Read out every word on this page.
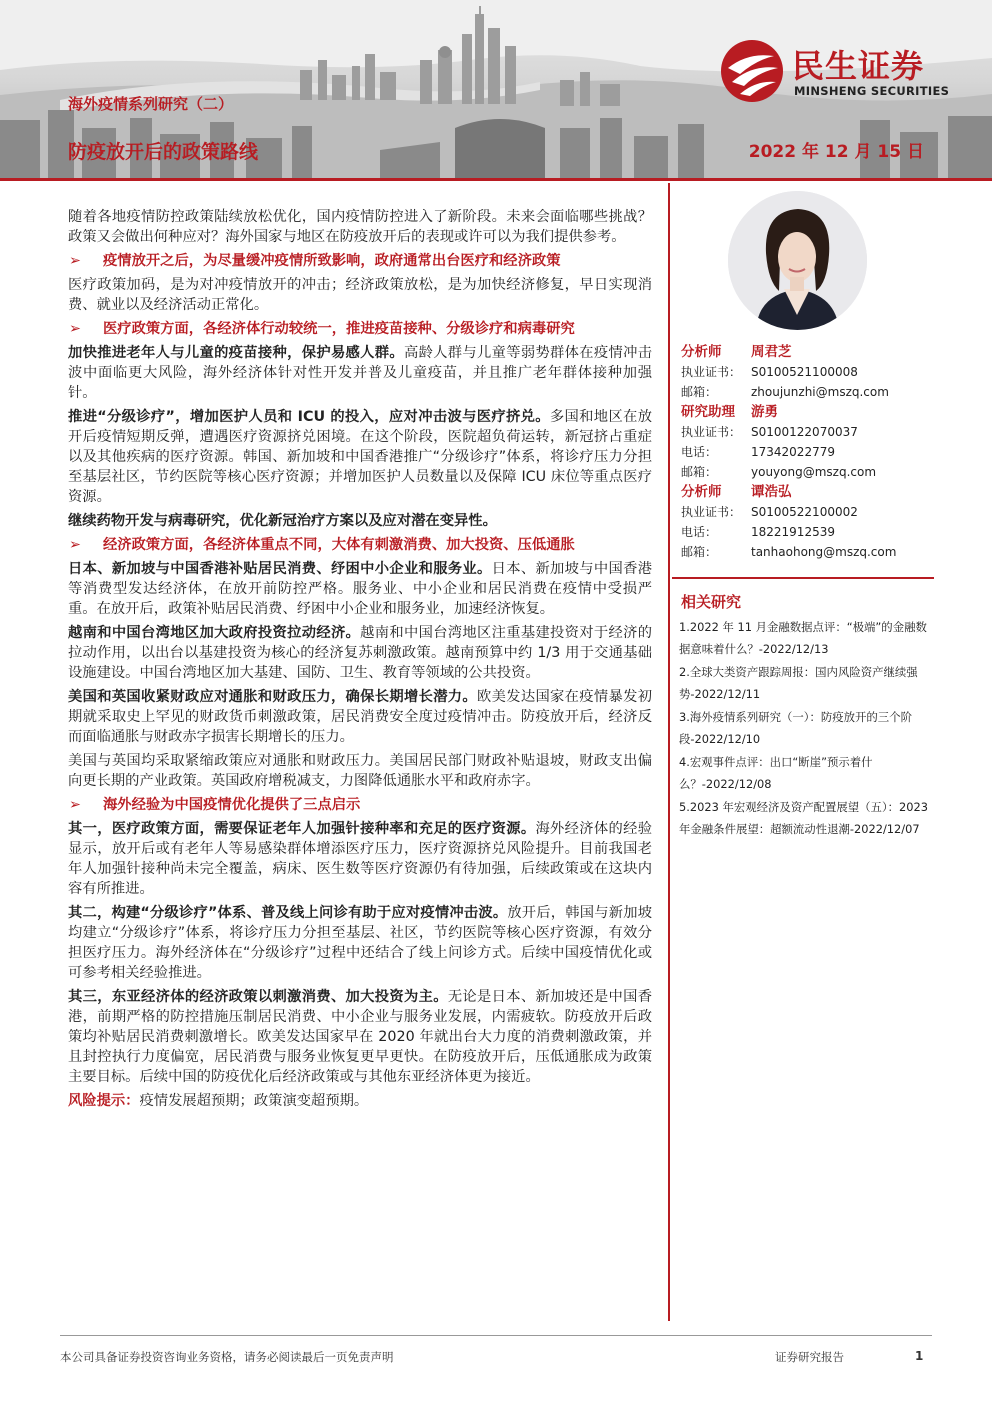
海外疫情系列研究（二）
防疫放开后的政策路线	2022 年 12 月 15 日
民生证券
MINSHENG SECURITIES

随着各地疫情防控政策陆续放松优化，国内疫情防控进入了新阶段。未来会面临哪些挑战？政策又会做出何种应对？海外国家与地区在防疫放开后的表现或许可以为我们提供参考。

➢ 疫情放开之后，为尽量缓冲疫情所致影响，政府通常出台医疗和经济政策

医疗政策加码，是为对冲疫情放开的冲击；经济政策放松，是为加快经济修复，早日实现消费、就业以及经济活动正常化。

➢ 医疗政策方面，各经济体行动较统一，推进疫苗接种、分级诊疗和病毒研究

加快推进老年人与儿童的疫苗接种，保护易感人群。高龄人群与儿童等弱势群体在疫情冲击波中面临更大风险，海外经济体针对性开发并普及儿童疫苗，并且推广老年群体接种加强针。

推进“分级诊疗”，增加医护人员和 ICU 的投入，应对冲击波与医疗挤兑。多国和地区在放开后疫情短期反弹，遭遇医疗资源挤兑困境。在这个阶段，医院超负荷运转，新冠挤占重症以及其他疾病的医疗资源。韩国、新加坡和中国香港推广“分级诊疗”体系，将诊疗压力分担至基层社区，节约医院等核心医疗资源；并增加医护人员数量以及保障 ICU 床位等重点医疗资源。

继续药物开发与病毒研究，优化新冠治疗方案以及应对潜在变异性。

➢ 经济政策方面，各经济体重点不同，大体有刺激消费、加大投资、压低通胀

日本、新加坡与中国香港补贴居民消费、纾困中小企业和服务业。日本、新加坡与中国香港等消费型发达经济体，在放开前防控严格。服务业、中小企业和居民消费在疫情中受损严重。在放开后，政策补贴居民消费、纾困中小企业和服务业，加速经济恢复。

越南和中国台湾地区加大政府投资拉动经济。越南和中国台湾地区注重基建投资对于经济的拉动作用，以出台以基建投资为核心的经济复苏刺激政策。越南预算中约 1/3 用于交通基础设施建设。中国台湾地区加大基建、国防、卫生、教育等领域的公共投资。

美国和英国收紧财政应对通胀和财政压力，确保长期增长潜力。欧美发达国家在疫情暴发初期就采取史上罕见的财政货币刺激政策，居民消费安全度过疫情冲击。防疫放开后，经济反而面临通胀与财政赤字损害长期增长的压力。

美国与英国均采取紧缩政策应对通胀和财政压力。美国居民部门财政补贴退坡，财政支出偏向更长期的产业政策。英国政府增税减支，力图降低通胀水平和政府赤字。

➢ 海外经验为中国疫情优化提供了三点启示

其一，医疗政策方面，需要保证老年人加强针接种率和充足的医疗资源。海外经济体的经验显示，放开后或有老年人等易感染群体增添医疗压力，医疗资源挤兑风险提升。目前我国老年人加强针接种尚未完全覆盖，病床、医生数等医疗资源仍有待加强，后续政策或在这块内容有所推进。

其二，构建“分级诊疗”体系、普及线上问诊有助于应对疫情冲击波。放开后，韩国与新加坡均建立“分级诊疗”体系，将诊疗压力分担至基层、社区，节约医院等核心医疗资源，有效分担医疗压力。海外经济体在“分级诊疗”过程中还结合了线上问诊方式。后续中国疫情优化或可参考相关经验推进。

其三，东亚经济体的经济政策以刺激消费、加大投资为主。无论是日本、新加坡还是中国香港，前期严格的防控措施压制居民消费、中小企业与服务业发展，内需疲软。防疫放开后政策均补贴居民消费刺激增长。欧美发达国家早在 2020 年就出台大力度的消费刺激政策，并且封控执行力度偏宽，居民消费与服务业恢复更早更快。在防疫放开后，压低通胀成为政策主要目标。后续中国的防疫优化后经济政策或与其他东亚经济体更为接近。

风险提示：疫情发展超预期；政策演变超预期。

分析师	周君芝
执业证书： S0100521100008
邮箱：	zhoujunzhi@mszq.com
研究助理	游勇
执业证书： S0100122070037
电话：	17342022779
邮箱：	youyong@mszq.com
分析师	谭浩弘
执业证书： S0100522100002
电话：	18221912539
邮箱：	tanhaohong@mszq.com
相关研究
1.2022 年 11 月金融数据点评：“极端”的金融数据意味着什么？-2022/12/13
2.全球大类资产跟踪周报：国内风险资产继续强势-2022/12/11
3.海外疫情系列研究（一）：防疫放开的三个阶段-2022/12/10
4.宏观事件点评：出口“断崖”预示着什么？-2022/12/08
5.2023 年宏观经济及资产配置展望（五）：2023 年金融条件展望：超额流动性退潮-2022/12/07
本公司具备证券投资咨询业务资格，请务必阅读最后一页免责声明	证券研究报告	1
